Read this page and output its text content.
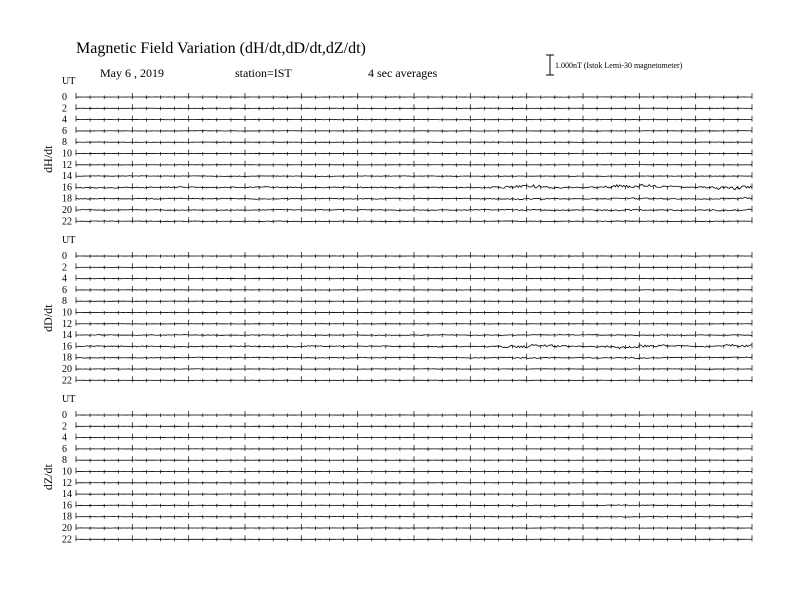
Magnetic Field Variation (dH/dt,dD/dt,dZ/dt)
May 6 , 2019	station=IST	4 sec averages
1.000nT (Istok Lemi-30 magnetometer)
UT
dH/dt
0
2
4
6
8
10
12
14
16
18
20
22
UT
dD/dt
0
2
4
6
8
10
12
14
16
18
20
22
UT
dZ/dt
0
2
4
6
8
10
12
14
16
18
20
22
